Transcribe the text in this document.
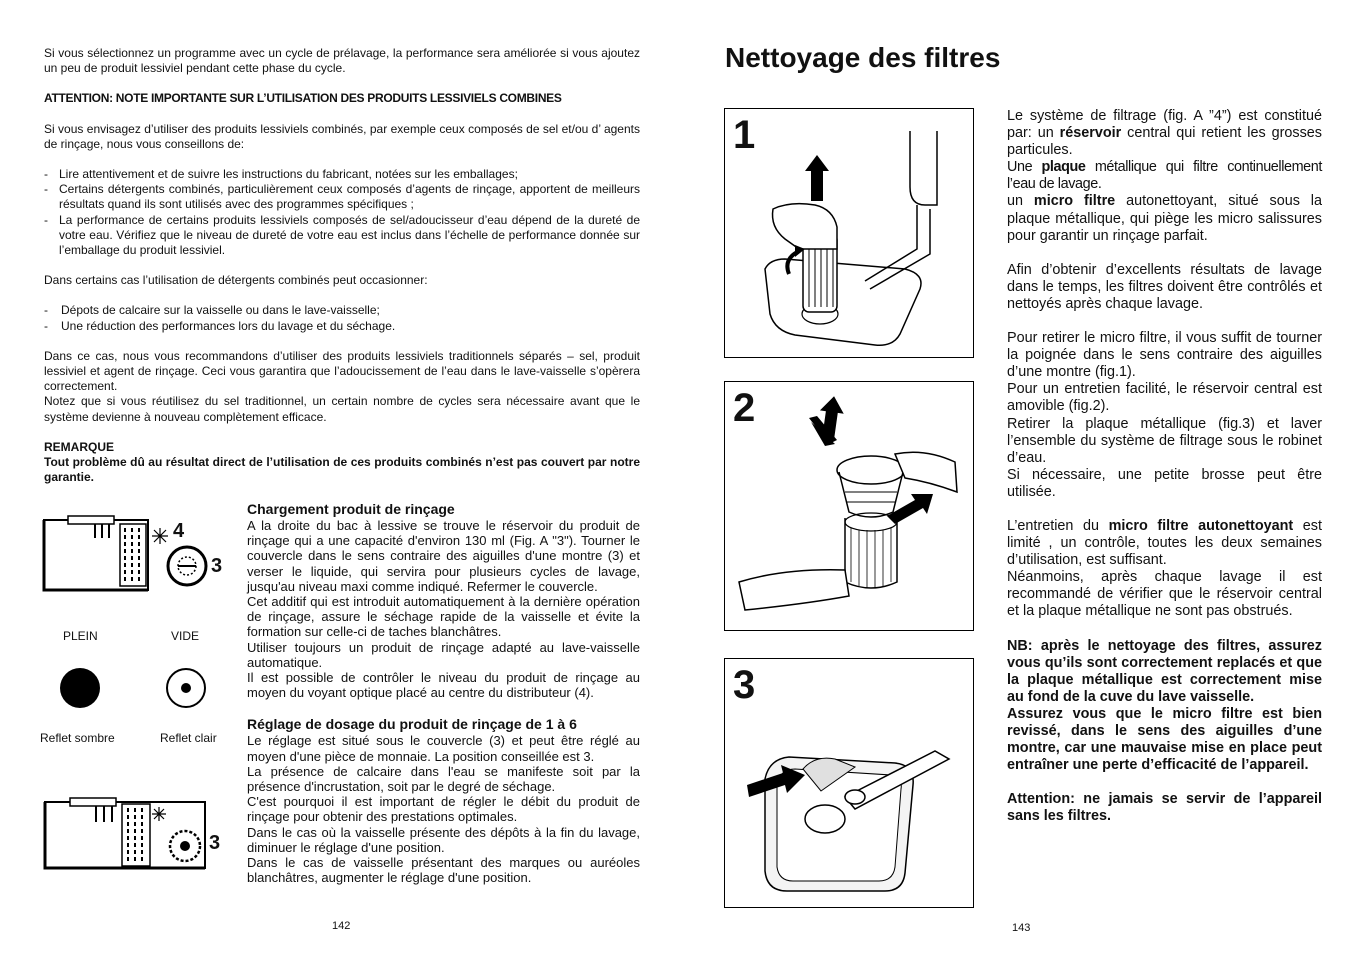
Si vous sélectionnez un programme avec un cycle de prélavage, la performance sera améliorée si vous ajoutez un peu de produit lessiviel pendant cette phase du cycle.

ATTENTION: NOTE IMPORTANTE SUR L’UTILISATION DES PRODUITS LESSIVIELS COMBINES

Si vous envisagez d’utiliser des produits lessiviels combinés, par exemple ceux composés de sel et/ou d’ agents de rinçage, nous vous conseillons de:

- Lire attentivement et de suivre les instructions du fabricant, notées sur les emballages;
- Certains détergents combinés, particulièrement ceux composés d’agents de rinçage, apportent de meilleurs résultats quand ils sont utilisés avec des programmes spécifiques ;
- La performance de certains produits lessiviels composés de sel/adoucisseur d’eau dépend de la dureté de votre eau. Vérifiez que le niveau de dureté de votre eau est inclus dans l’échelle de performance donnée sur l’emballage du produit lessiviel.

Dans certains cas l’utilisation de détergents combinés peut occasionner:

- Dépots de calcaire sur la vaisselle ou dans le lave-vaisselle;
- Une réduction des performances lors du lavage et du séchage.

Dans ce cas, nous vous recommandons d’utiliser des produits lessiviels traditionnels séparés – sel, produit lessiviel et agent de rinçage. Ceci vous garantira que l’adoucissement de l’eau dans le lave-vaisselle s’opèrera correctement.

Notez que si vous réutilisez du sel traditionnel, un certain nombre de cycles sera nécessaire avant que le système devienne à nouveau complètement efficace.

REMARQUE

Tout problème dû au résultat direct de l’utilisation de ces produits combinés n’est pas couvert par notre garantie.

4
3
PLEIN	VIDE
Reflet sombre	Reflet clair
3
Chargement produit de rinçage

A la droite du bac à lessive se trouve le réservoir du produit de rinçage qui a une capacité d'environ 130 ml (Fig. A "3"). Tourner le couvercle dans le sens contraire des aiguilles d'une montre (3) et verser le liquide, qui servira pour plusieurs cycles de lavage, jusqu'au niveau maxi comme indiqué. Refermer le couvercle.

Cet additif qui est introduit automatiquement à la dernière opération de rinçage, assure le séchage rapide de la vaisselle et évite la formation sur celle-ci de taches blanchâtres.

Utiliser toujours un produit de rinçage adapté au lave-vaisselle automatique.

Il est possible de contrôler le niveau du produit de rinçage au moyen du voyant optique placé au centre du distributeur (4).

Réglage de dosage du produit de rinçage de 1 à 6

Le réglage est situé sous le couvercle (3) et peut être réglé au moyen d'une pièce de monnaie. La position conseillée est 3.

La présence de calcaire dans l'eau se manifeste soit par la présence d'incrustation, soit par le degré de séchage.

C'est pourquoi il est important de régler le débit du produit de rinçage pour obtenir des prestations optimales.

Dans le cas où la vaisselle présente des dépôts à la fin du lavage, diminuer le réglage d'une position.

Dans le cas de vaisselle présentant des marques ou auréoles blanchâtres, augmenter le réglage d'une position.

142
Nettoyage des filtres
1
2
3

Le système de filtrage (fig. A ”4”) est constitué par: un réservoir central qui retient les grosses particules.

Une plaque métallique qui filtre continuellement l’eau de lavage.

un micro filtre autonettoyant, situé sous la plaque métallique, qui piège les micro salissures pour garantir un rinçage parfait.

Afin d’obtenir d’excellents résultats de lavage dans le temps, les filtres doivent être contrôlés et nettoyés après chaque lavage.

Pour retirer le micro filtre, il vous suffit de tourner la poignée dans le sens contraire des aiguilles d’une montre (fig.1).

Pour un entretien facilité, le réservoir central est amovible (fig.2).

Retirer la plaque métallique (fig.3) et laver l’ensemble du système de filtrage sous le robinet d’eau.

Si nécessaire, une petite brosse peut être utilisée.

L’entretien du micro filtre autonettoyant est limité , un contrôle, toutes les deux semaines d’utilisation, est suffisant.

Néanmoins, après chaque lavage il est recommandé de vérifier que le réservoir central et la plaque métallique ne sont pas obstrués.

NB: après le nettoyage des filtres, assurez vous qu’ils sont correctement replacés et que la plaque métallique est correctement mise au fond de la cuve du lave vaisselle.

Assurez vous que le micro filtre est bien revissé, dans le sens des aiguilles d’une montre, car une mauvaise mise en place peut entraîner une perte d’efficacité de l’appareil.

Attention: ne jamais se servir de l’appareil sans les filtres.

143
